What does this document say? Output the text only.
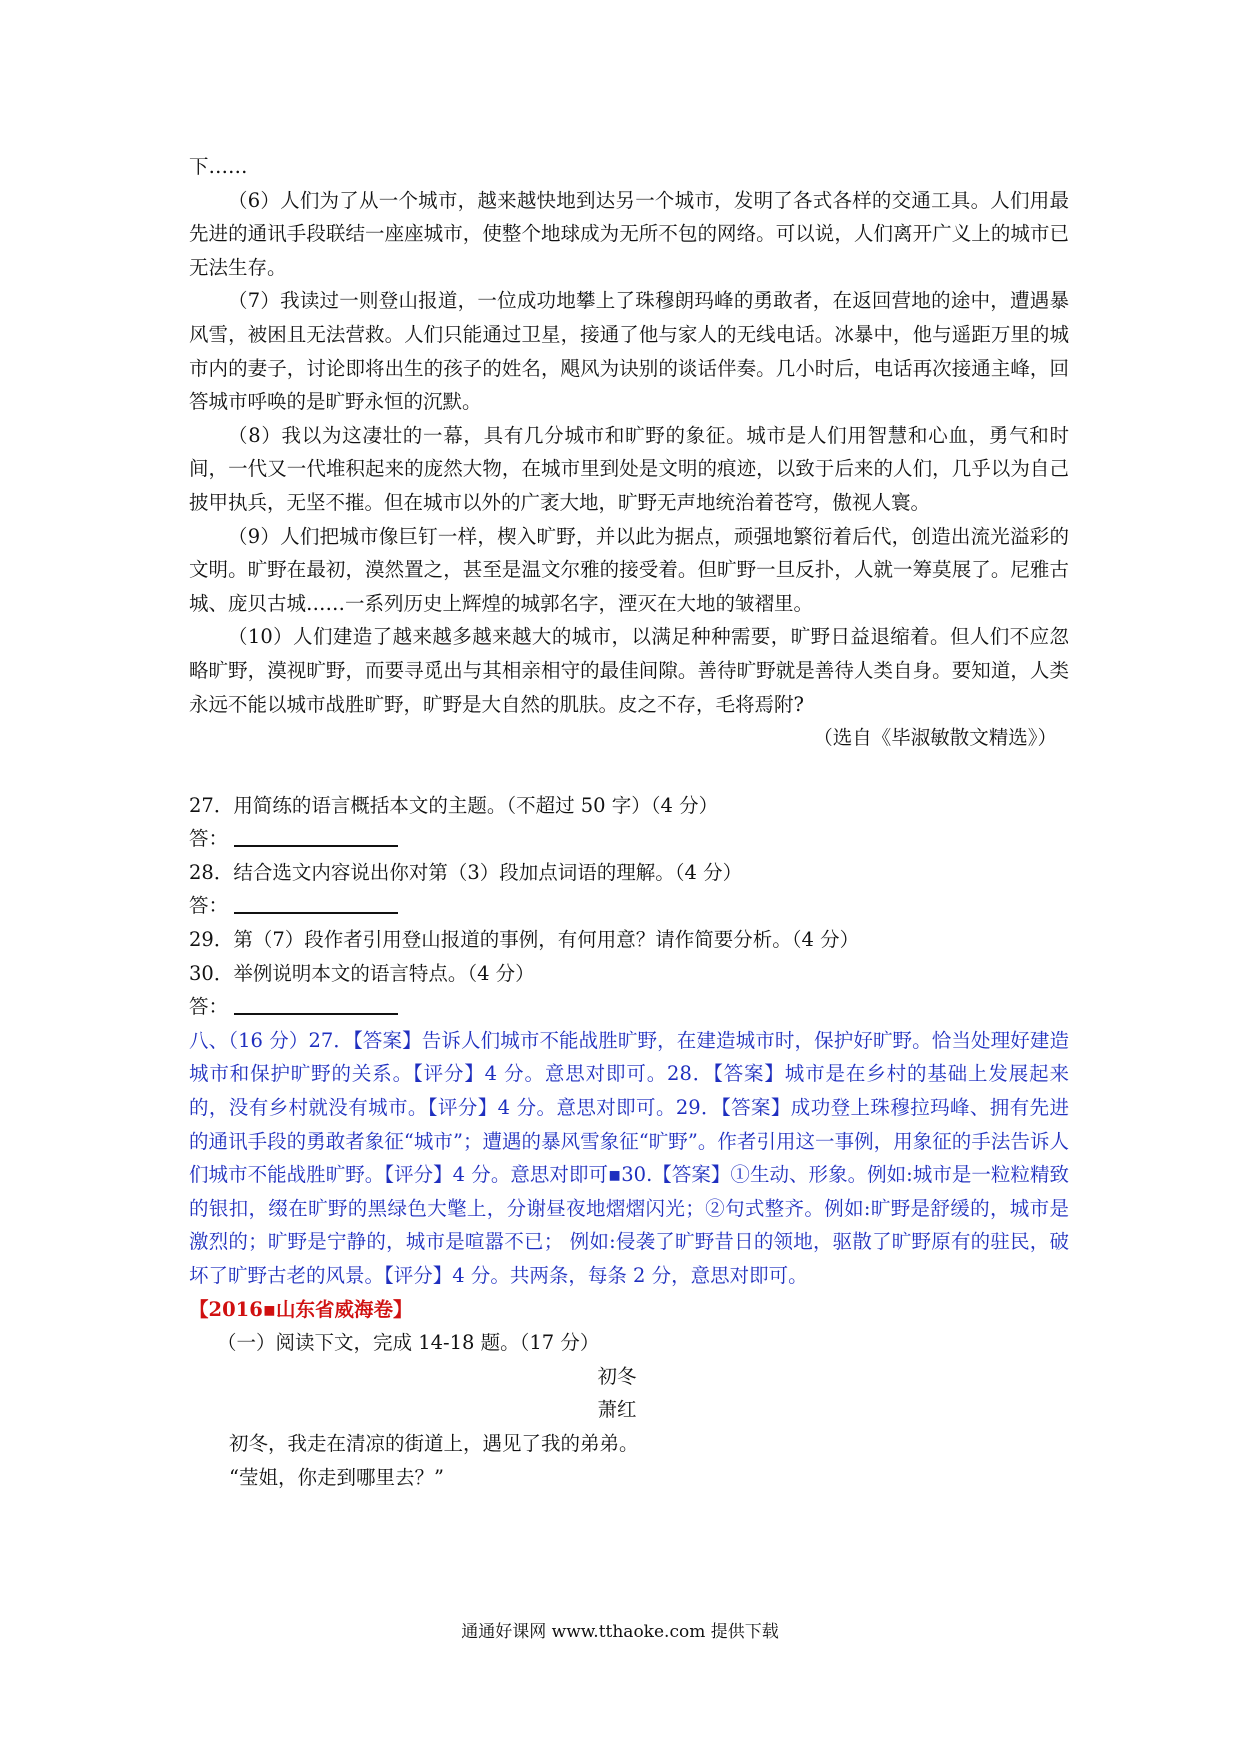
下……

（6）人们为了从一个城市，越来越快地到达另一个城市，发明了各式各样的交通工具。人们用最先进的通讯手段联结一座座城市，使整个地球成为无所不包的网络。可以说，人们离开广义上的城市已无法生存。

（7）我读过一则登山报道，一位成功地攀上了珠穆朗玛峰的勇敢者，在返回营地的途中，遭遇暴风雪，被困且无法营救。人们只能通过卫星，接通了他与家人的无线电话。冰暴中，他与遥距万里的城市内的妻子，讨论即将出生的孩子的姓名，飓风为诀别的谈话伴奏。几小时后，电话再次接通主峰，回答城市呼唤的是旷野永恒的沉默。

（8）我以为这凄壮的一幕，具有几分城市和旷野的象征。城市是人们用智慧和心血，勇气和时间，一代又一代堆积起来的庞然大物，在城市里到处是文明的痕迹，以致于后来的人们，几乎以为自己披甲执兵，无坚不摧。但在城市以外的广袤大地，旷野无声地统治着苍穹，傲视人寰。

（9）人们把城市像巨钉一样，楔入旷野，并以此为据点，顽强地繁衍着后代，创造出流光溢彩的文明。旷野在最初，漠然置之，甚至是温文尔雅的接受着。但旷野一旦反扑，人就一筹莫展了。尼雅古城、庞贝古城……一系列历史上辉煌的城郭名字，湮灭在大地的皱褶里。

（10）人们建造了越来越多越来越大的城市，以满足种种需要，旷野日益退缩着。但人们不应忽略旷野，漠视旷野，而要寻觅出与其相亲相守的最佳间隙。善待旷野就是善待人类自身。要知道，人类永远不能以城市战胜旷野，旷野是大自然的肌肤。皮之不存，毛将焉附?

（选自《毕淑敏散文精选》）

27．用简练的语言概括本文的主题。（不超过 50 字）（4 分）

答：

28．结合选文内容说出你对第（3）段加点词语的理解。（4 分）

答：

29．第（7）段作者引用登山报道的事例，有何用意？请作简要分析。（4 分）

30．举例说明本文的语言特点。（4 分）

答：

八、（16 分）27．【答案】告诉人们城市不能战胜旷野，在建造城市时，保护好旷野。恰当处理好建造城市和保护旷野的关系。【评分】4 分。意思对即可。28．【答案】城市是在乡村的基础上发展起来的，没有乡村就没有城市。【评分】4 分。意思对即可。29．【答案】成功登上珠穆拉玛峰、拥有先进的通讯手段的勇敢者象征“城市”；遭遇的暴风雪象征“旷野”。作者引用这一事例，用象征的手法告诉人们城市不能战胜旷野。【评分】4 分。意思对即可▪30.【答案】①生动、形象。例如:城市是一粒粒精致的银扣，缀在旷野的黑绿色大氅上，分谢昼夜地熠熠闪光；②句式整齐。例如:旷野是舒缓的，城市是激烈的；旷野是宁静的，城市是喧嚣不已； 例如:侵袭了旷野昔日的领地，驱散了旷野原有的驻民，破坏了旷野古老的风景。【评分】4 分。共两条，每条 2 分，意思对即可。

【2016▪山东省威海卷】

（一）阅读下文，完成 14-18 题。（17 分）

初冬

萧红

初冬，我走在清凉的街道上，遇见了我的弟弟。

“莹姐，你走到哪里去？”

通通好课网 www.tthaoke.com 提供下载
